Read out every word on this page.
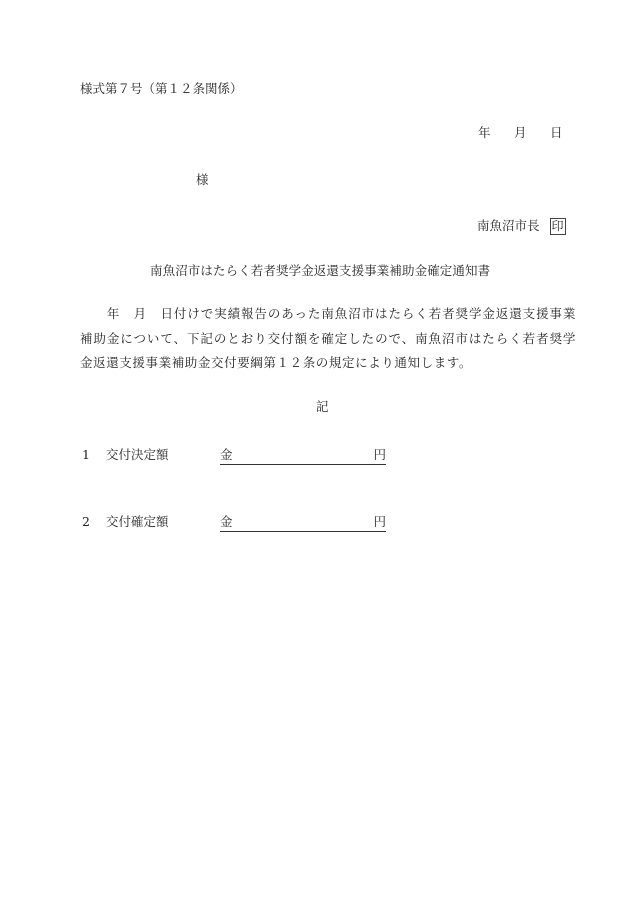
様式第７号（第１２条関係）
年 月 日
様
南魚沼市長 印
南魚沼市はたらく若者奨学金返還支援事業補助金確定通知書

　　年　月　日付けで実績報告のあった南魚沼市はたらく若者奨学金返還支援事業補助金について、下記のとおり交付額を確定したので、南魚沼市はたらく若者奨学金返還支援事業補助金交付要綱第１２条の規定により通知します。

記
1	交付決定額	金	円
2	交付確定額	金	円
